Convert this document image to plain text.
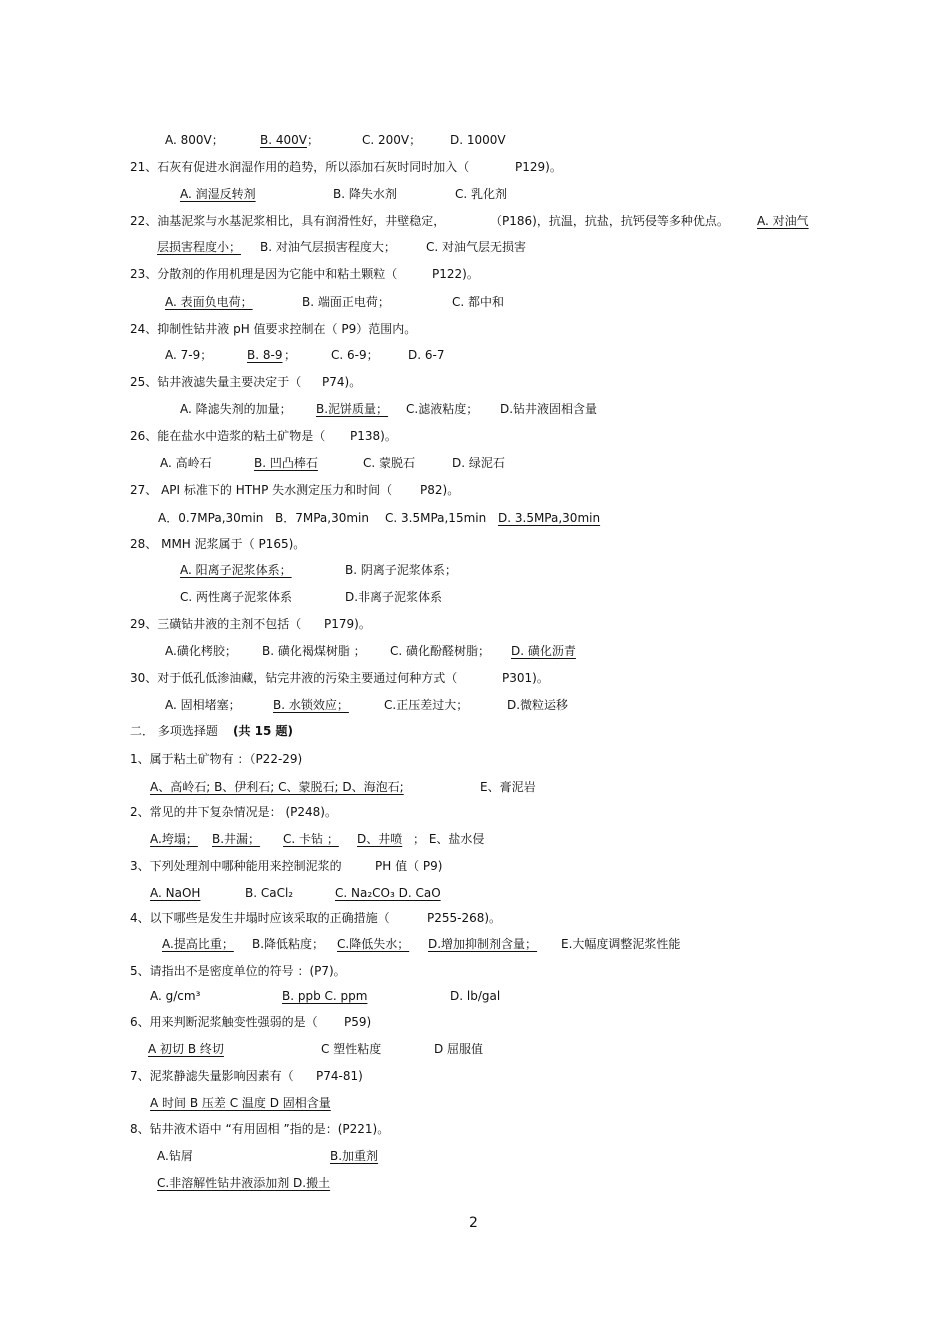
A. 800V；	B. 400V ；	C. 200V； D. 1000V
21、石灰有促进水润湿作用的趋势，所以添加石灰时同时加入（	P129)。
A. 润湿反转剂	B. 降失水剂	C. 乳化剂
22、油基泥浆与水基泥浆相比，具有润滑性好，井壁稳定，	（P186)，抗温，抗盐，抗钙侵等多种优点。 A. 对油气
层损害程度小； B. 对油气层损害程度大；	C. 对油气层无损害
23、分散剂的作用机理是因为它能中和粘土颗粒（	P122)。
A. 表面负电荷；	B. 端面正电荷；	C. 都中和
24、抑制性钻井液 pH 值要求控制在（ P9）范围内。
A. 7-9；	B. 8-9 ；	C. 6-9； D. 6-7
25、钻井液滤失量主要决定于（ P74)。
A. 降滤失剂的加量； B.泥饼质量； C.滤液粘度； D.钻井液固相含量
26、能在盐水中造浆的粘土矿物是（ P138)。
A. 高岭石	B. 凹凸棒石	C. 蒙脱石	D. 绿泥石
27、 API 标准下的 HTHP 失水测定压力和时间（ P82)。
A．0.7MPa,30min B．7MPa,30min C. 3.5MPa,15min D. 3.5MPa,30min
28、 MMH 泥浆属于（ P165)。
A. 阳离子泥浆体系；	B. 阴离子泥浆体系；
C. 两性离子泥浆体系	D.非离子泥浆体系
29、三磺钻井液的主剂不包括（ P179)。
A.磺化栲胶； B. 磺化褐煤树脂 ； C. 磺化酚醛树脂； D. 磺化沥青
30、对于低孔低渗油藏，钻完井液的污染主要通过何种方式（	P301)。
A. 固相堵塞；	B. 水锁效应；	C.正压差过大；	D.微粒运移
二． 多项选择题 (共 15 题)
1、属于粘土矿物有 ：（P22-29)
A、高岭石; B、伊利石; C、蒙脱石; D、海泡石;	E、膏泥岩
2、常见的井下复杂情况是： (P248)。
A.垮塌； B.井漏； C. 卡钻 ； D、井喷 ； E、盐水侵
3、下列处理剂中哪种能用来控制泥浆的	PH 值（ P9)
A. NaOH	B. CaCl₂	C. Na₂CO₃ D. CaO
4、以下哪些是发生井塌时应该采取的正确措施（	P255-268)。
A.提高比重； B.降低粘度； C.降低失水； D.增加抑制剂含量； E.大幅度调整泥浆性能
5、请指出不是密度单位的符号 ：(P7)。
A. g/cm³	B. ppb C. ppm	D. lb/gal
6、用来判断泥浆触变性强弱的是（ P59)
A 初切 B 终切	C 塑性粘度	D 屈服值
7、泥浆静滤失量影响因素有（ P74-81)
A 时间 B 压差 C 温度 D 固相含量
8、钻井液术语中 “有用固相 ”指的是：(P221)。
A.钻屑	B.加重剂
C.非溶解性钻井液添加剂 D.搬土
2
